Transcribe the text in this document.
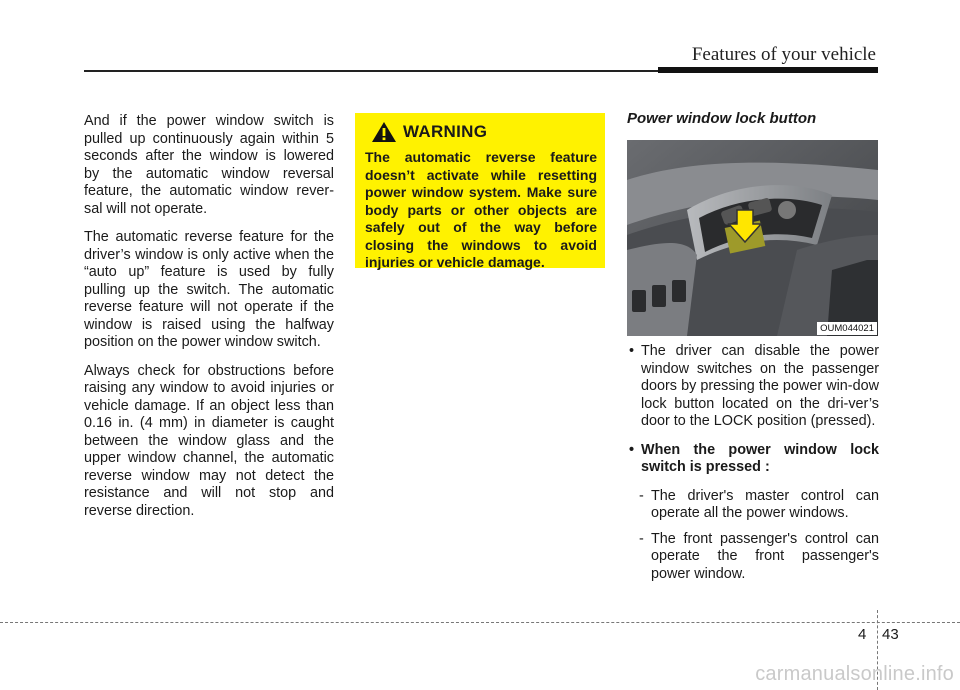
Features of your vehicle

And if the power window switch is pulled up continuously again within 5 seconds after the window is lowered by the automatic window reversal feature, the automatic window rever-sal will not operate.

The automatic reverse feature for the driver’s window is only active when the “auto up” feature is used by fully pulling up the switch. The automatic reverse feature will not operate if the window is raised using the halfway position on the power window switch.

Always check for obstructions before raising any window to avoid injuries or vehicle damage. If an object less than 0.16 in. (4 mm) in diameter is caught between the window glass and the upper window channel, the automatic reverse window may not detect the resistance and will not stop and reverse direction.

WARNING
The automatic reverse feature doesn’t activate while resetting power window system. Make sure body parts or other objects are safely out of the way before closing the windows to avoid injuries or vehicle damage.
Power window lock button
OUM044021
• The driver can disable the power window switches on the passenger doors by pressing the power win-dow lock button located on the dri-ver’s door to the LOCK position (pressed).
• When the power window lock switch is pressed :
- The driver's master control can operate all the power windows.
- The front passenger's control can operate the front passenger's power window.
4 43
carmanualsonline.info
